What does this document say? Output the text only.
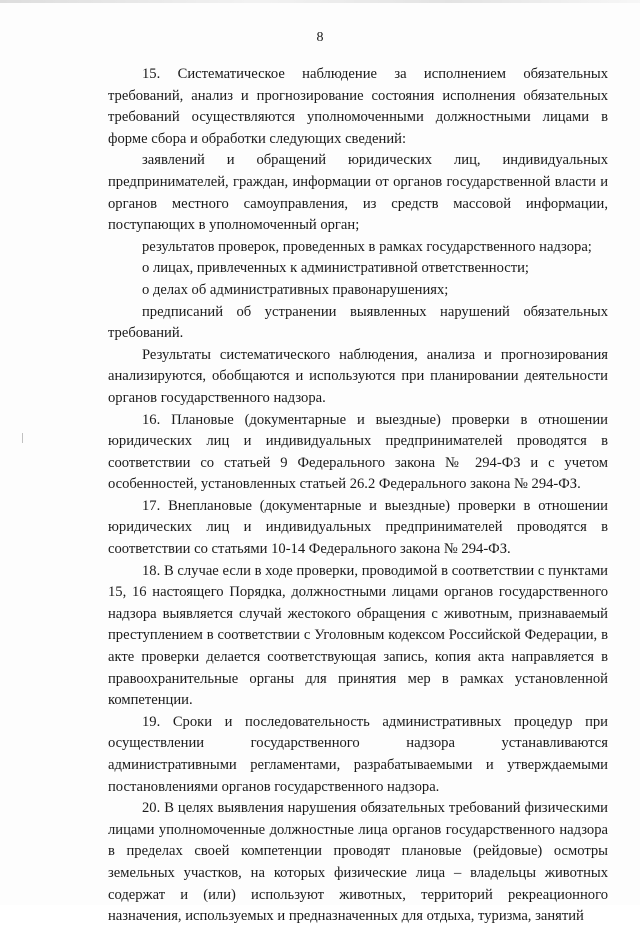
8

15. Систематическое наблюдение за исполнением обязательных требований, анализ и прогнозирование состояния исполнения обязательных требований осуществляются уполномоченными должностными лицами в форме сбора и обработки следующих сведений:

заявлений и обращений юридических лиц, индивидуальных предпринимателей, граждан, информации от органов государственной власти и органов местного самоуправления, из средств массовой информации, поступающих в уполномоченный орган;

результатов проверок, проведенных в рамках государственного надзора;

о лицах, привлеченных к административной ответственности;

о делах об административных правонарушениях;

предписаний об устранении выявленных нарушений обязательных требований.

Результаты систематического наблюдения, анализа и прогнозирования анализируются, обобщаются и используются при планировании деятельности органов государственного надзора.

16. Плановые (документарные и выездные) проверки в отношении юридических лиц и индивидуальных предпринимателей проводятся в соответствии со статьей 9 Федерального закона № 294-ФЗ и с учетом особенностей, установленных статьей 26.2 Федерального закона № 294-ФЗ.

17. Внеплановые (документарные и выездные) проверки в отношении юридических лиц и индивидуальных предпринимателей проводятся в соответствии со статьями 10-14 Федерального закона № 294-ФЗ.

18. В случае если в ходе проверки, проводимой в соответствии с пунктами 15, 16 настоящего Порядка, должностными лицами органов государственного надзора выявляется случай жестокого обращения с животным, признаваемый преступлением в соответствии с Уголовным кодексом Российской Федерации, в акте проверки делается соответствующая запись, копия акта направляется в правоохранительные органы для принятия мер в рамках установленной компетенции.

19. Сроки и последовательность административных процедур при осуществлении государственного надзора устанавливаются административными регламентами, разрабатываемыми и утверждаемыми постановлениями органов государственного надзора.

20. В целях выявления нарушения обязательных требований физическими лицами уполномоченные должностные лица органов государственного надзора в пределах своей компетенции проводят плановые (рейдовые) осмотры земельных участков, на которых физические лица – владельцы животных содержат и (или) используют животных, территорий рекреационного назначения, используемых и предназначенных для отдыха, туризма, занятий
